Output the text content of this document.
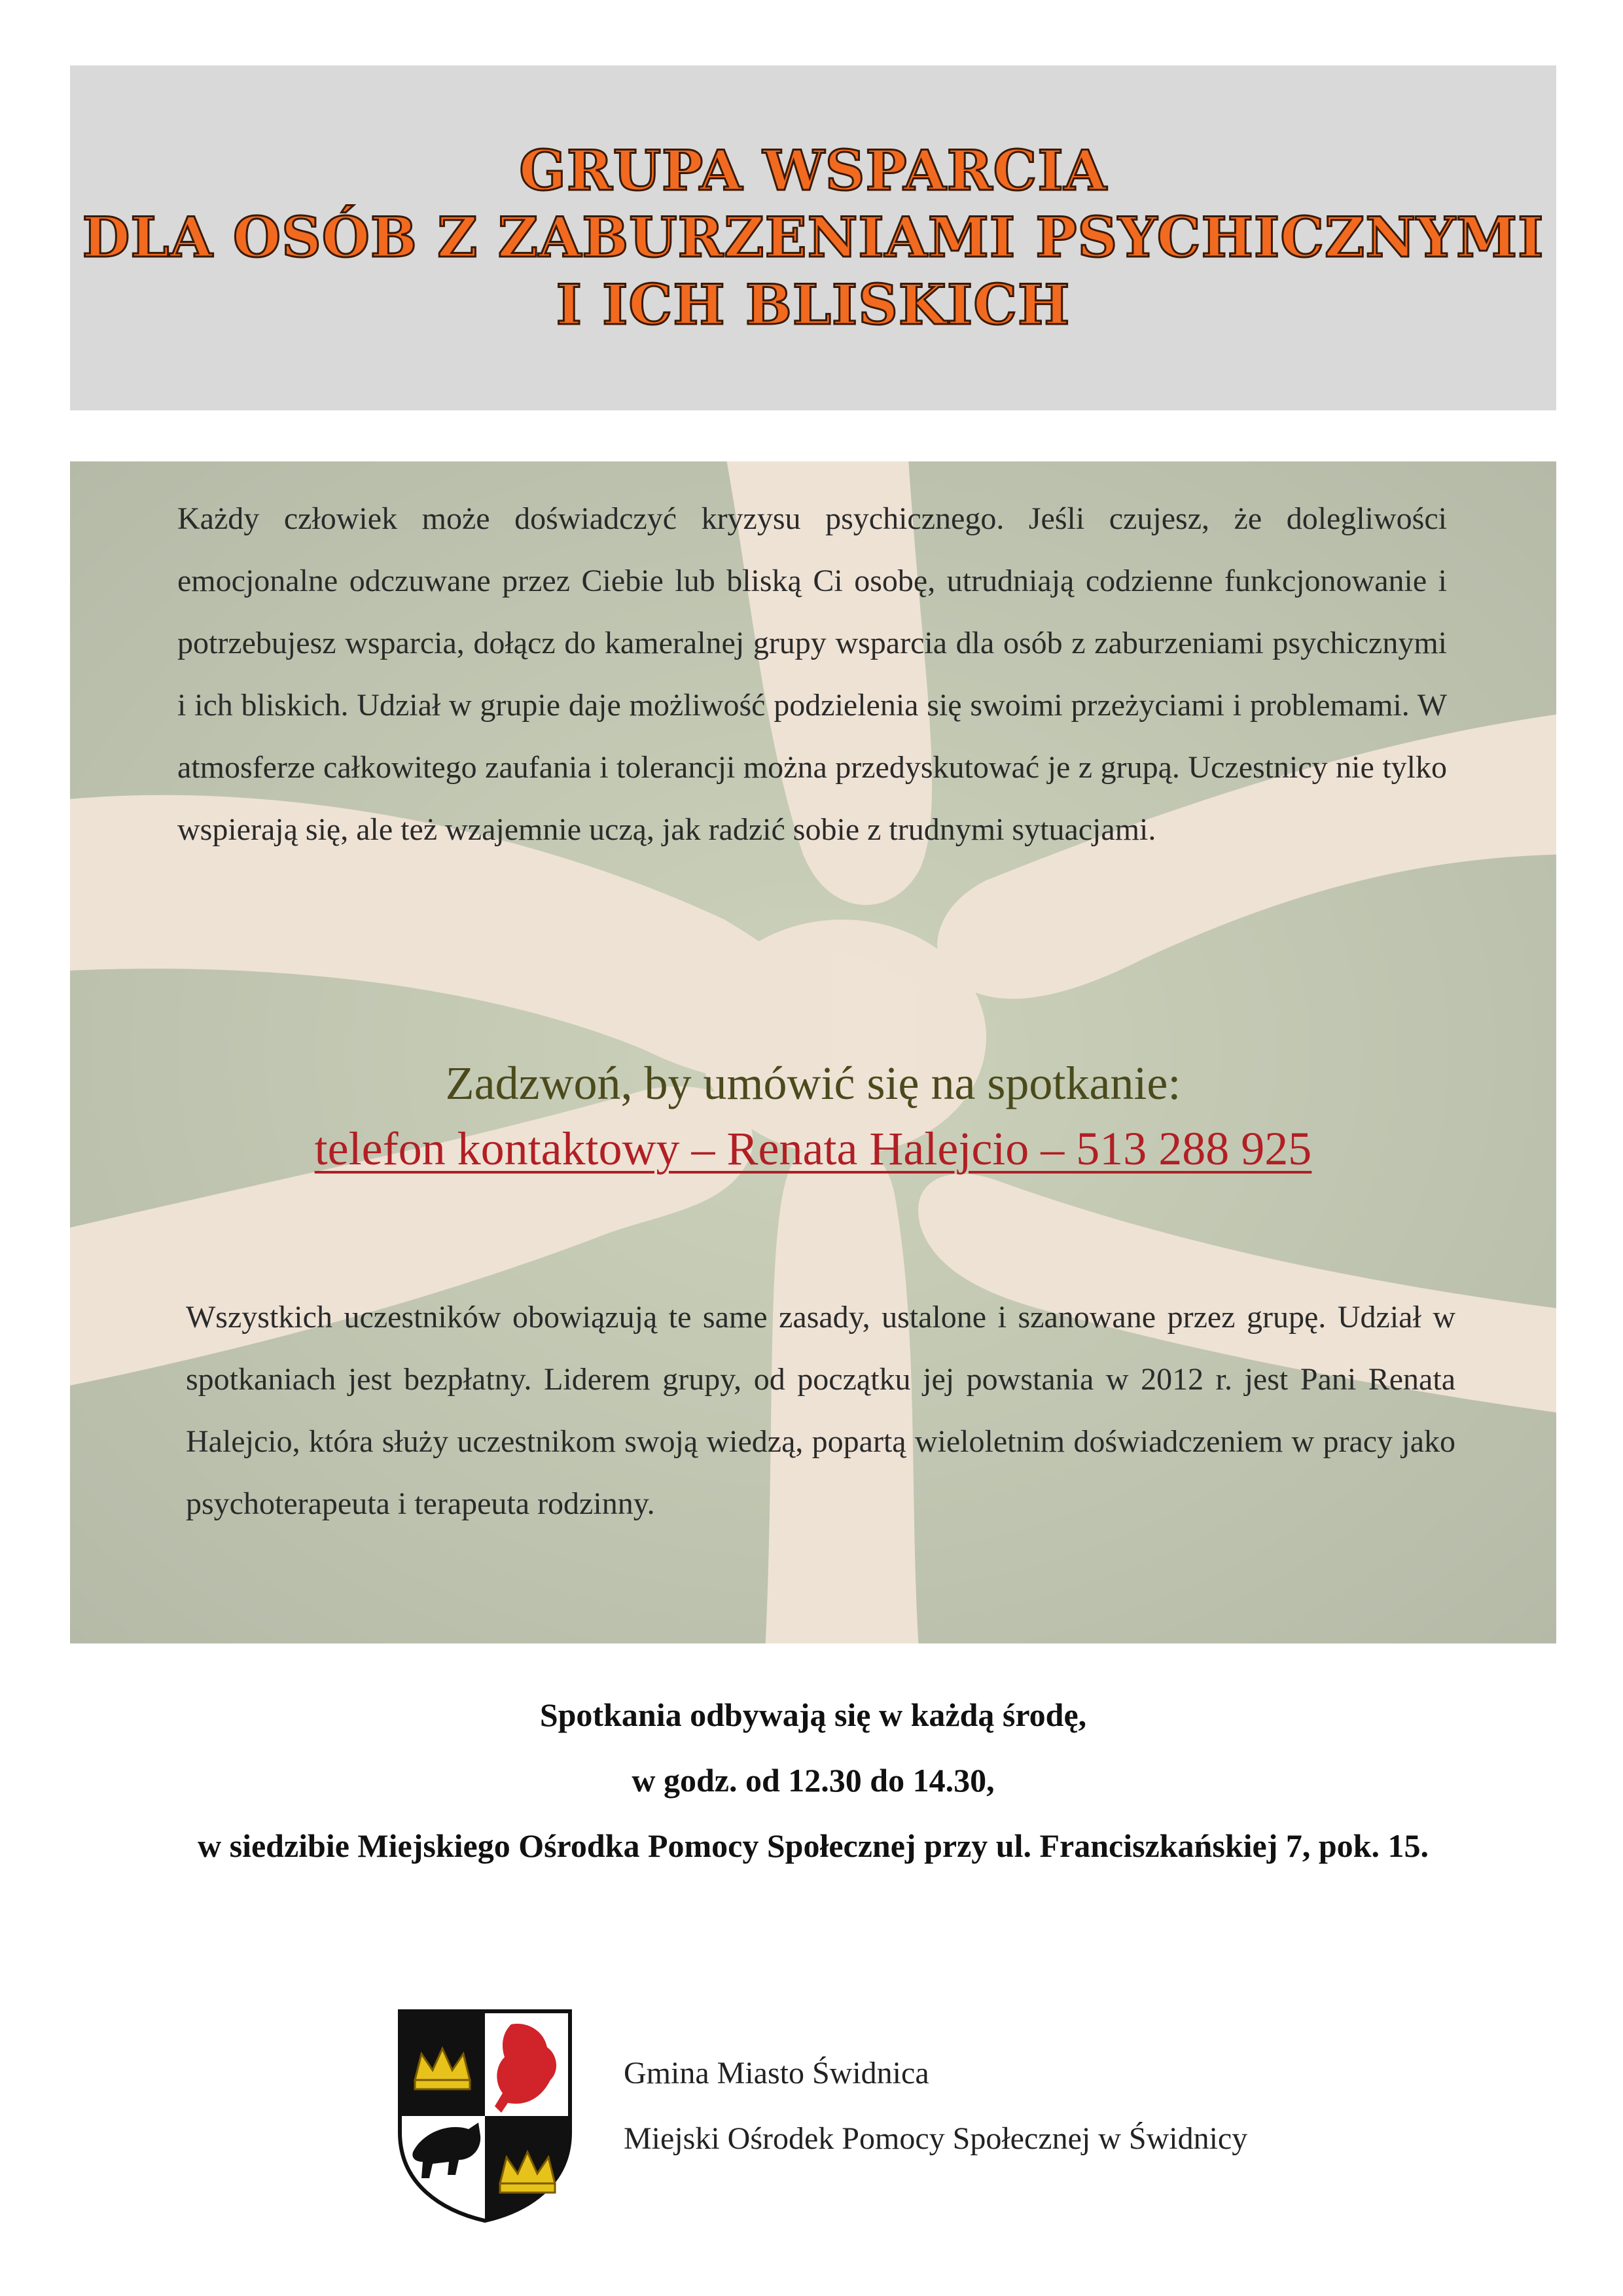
GRUPA WSPARCIA
DLA OSÓB Z ZABURZENIAMI PSYCHICZNYMI
I ICH BLISKICH
Każdy człowiek może doświadczyć kryzysu psychicznego. Jeśli czujesz, że dolegliwości emocjonalne odczuwane przez Ciebie lub bliską Ci osobę, utrudniają codzienne funkcjonowanie i potrzebujesz wsparcia, dołącz do kameralnej grupy wsparcia dla osób z zaburzeniami psychicznymi i ich bliskich. Udział w grupie daje możliwość podzielenia się swoimi przeżyciami i problemami. W atmosferze całkowitego zaufania i tolerancji można przedyskutować je z grupą. Uczestnicy nie tylko wspierają się, ale też wzajemnie uczą, jak radzić sobie z trudnymi sytuacjami.
Zadzwoń, by umówić się na spotkanie:
telefon kontaktowy – Renata Halejcio – 513 288 925
Wszystkich uczestników obowiązują te same zasady, ustalone i szanowane przez grupę. Udział w spotkaniach jest bezpłatny. Liderem grupy, od początku jej powstania w 2012 r. jest Pani Renata Halejcio, która służy uczestnikom swoją wiedzą, popartą wieloletnim doświadczeniem w pracy jako psychoterapeuta i terapeuta rodzinny.
Spotkania odbywają się w każdą środę,
w godz. od 12.30 do 14.30,
w siedzibie Miejskiego Ośrodka Pomocy Społecznej przy ul. Franciszkańskiej 7, pok. 15.
Gmina Miasto Świdnica
Miejski Ośrodek Pomocy Społecznej w Świdnicy
